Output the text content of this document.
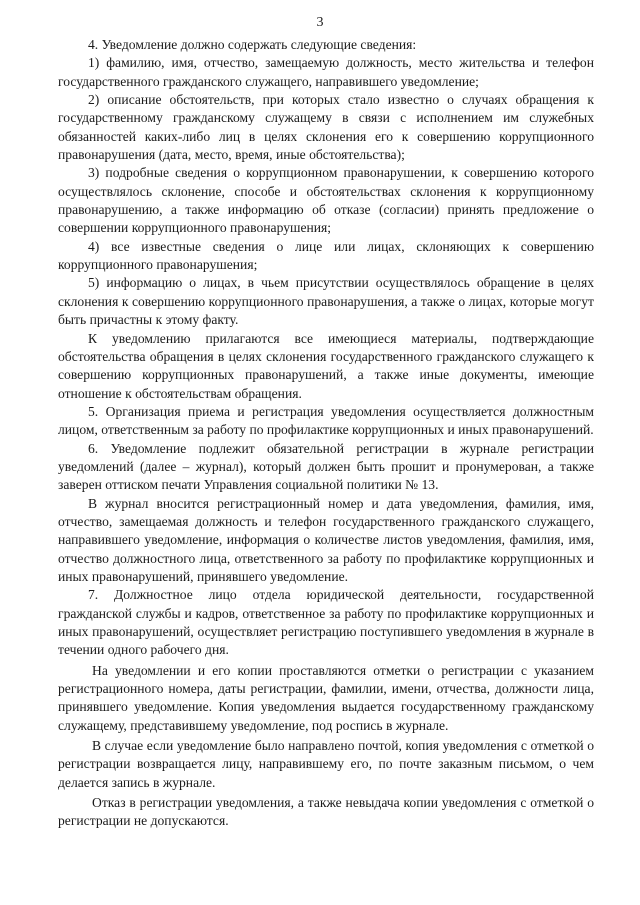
3

4. Уведомление должно содержать следующие сведения:

1) фамилию, имя, отчество, замещаемую должность, место жительства и телефон государственного гражданского служащего, направившего уведомление;

2) описание обстоятельств, при которых стало известно о случаях обращения к государственному гражданскому служащему в связи с исполнением им служебных обязанностей каких-либо лиц в целях склонения его к совершению коррупционного правонарушения (дата, место, время, иные обстоятельства);

3) подробные сведения о коррупционном правонарушении, к совершению которого осуществлялось склонение, способе и обстоятельствах склонения к коррупционному правонарушению, а также информацию об отказе (согласии) принять предложение о совершении коррупционного правонарушения;

4) все известные сведения о лице или лицах, склоняющих к совершению коррупционного правонарушения;

5) информацию о лицах, в чьем присутствии осуществлялось обращение в целях склонения к совершению коррупционного правонарушения, а также о лицах, которые могут быть причастны к этому факту.

К уведомлению прилагаются все имеющиеся материалы, подтверждающие обстоятельства обращения в целях склонения государственного гражданского служащего к совершению коррупционных правонарушений, а также иные документы, имеющие отношение к обстоятельствам обращения.

5. Организация приема и регистрация уведомления осуществляется должностным лицом, ответственным за работу по профилактике коррупционных и иных правонарушений.

6. Уведомление подлежит обязательной регистрации в журнале регистрации уведомлений (далее – журнал), который должен быть прошит и пронумерован, а также заверен оттиском печати Управления социальной политики № 13.

В журнал вносится регистрационный номер и дата уведомления, фамилия, имя, отчество, замещаемая должность и телефон государственного гражданского служащего, направившего уведомление, информация о количестве листов уведомления, фамилия, имя, отчество должностного лица, ответственного за работу по профилактике коррупционных и иных правонарушений, принявшего уведомление.

7. Должностное лицо отдела юридической деятельности, государственной гражданской службы и кадров, ответственное за работу по профилактике коррупционных и иных правонарушений, осуществляет регистрацию поступившего уведомления в журнале в течении одного рабочего дня.

На уведомлении и его копии проставляются отметки о регистрации с указанием регистрационного номера, даты регистрации, фамилии, имени, отчества, должности лица, принявшего уведомление. Копия уведомления выдается государственному гражданскому служащему, представившему уведомление, под роспись в журнале.

В случае если уведомление было направлено почтой, копия уведомления с отметкой о регистрации возвращается лицу, направившему его, по почте заказным письмом, о чем делается запись в журнале.

Отказ в регистрации уведомления, а также невыдача копии уведомления с отметкой о регистрации не допускаются.
